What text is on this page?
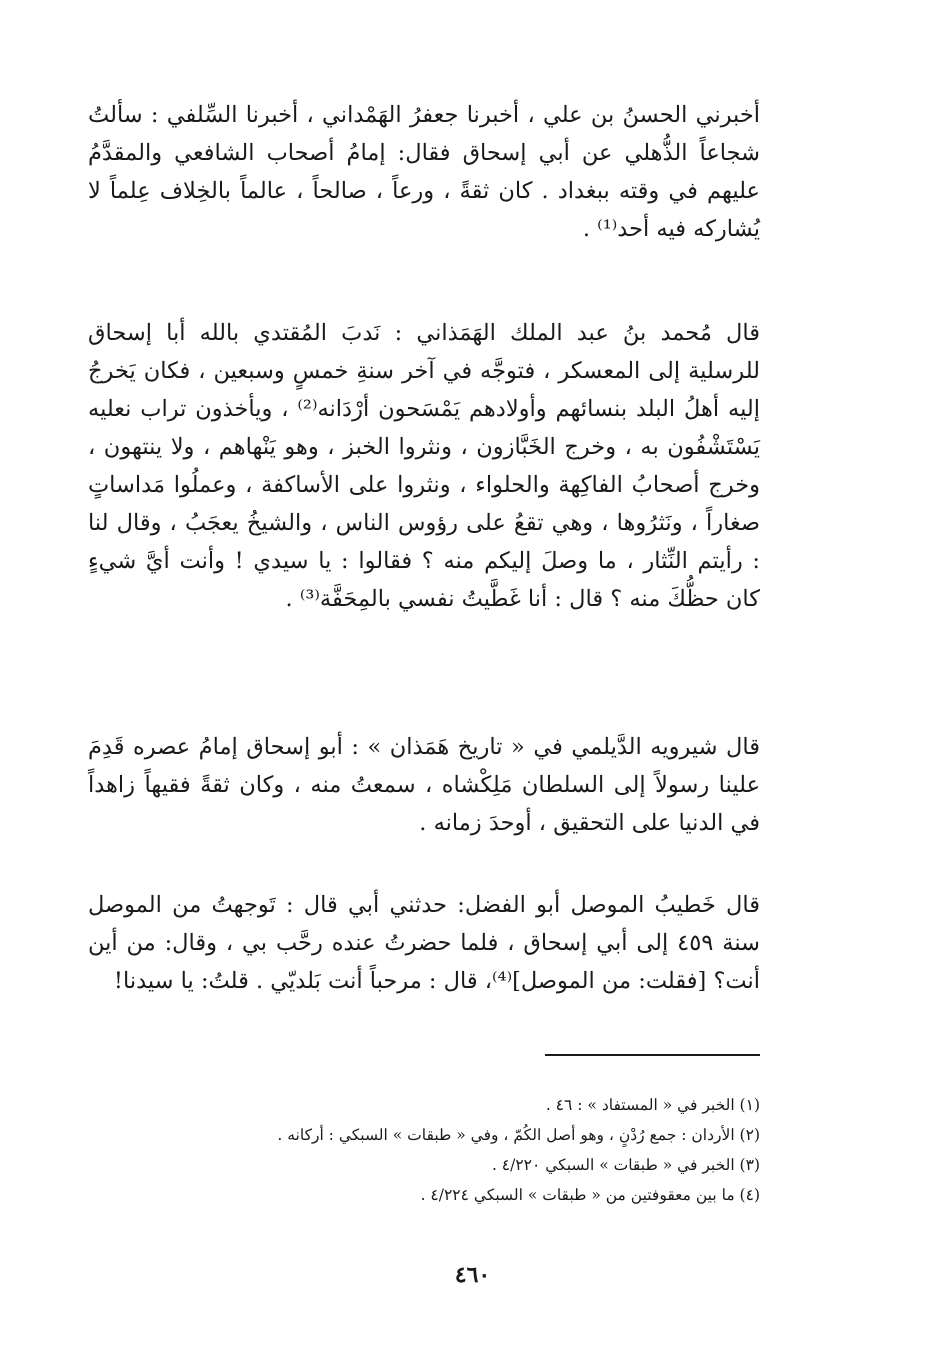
أخبرني الحسنُ بن علي ، أخبرنا جعفرُ الهَمْداني ، أخبرنا السِّلفي : سألتُ شجاعاً الذُّهلي عن أبي إسحاق فقال: إمامُ أصحاب الشافعي والمقدَّمُ عليهم في وقته ببغداد . كان ثقةً ، ورعاً ، صالحاً ، عالماً بالخِلاف عِلماً لا يُشاركه فيه أحد⁽¹⁾ .

قال مُحمد بنُ عبد الملك الهَمَذاني : نَدبَ المُقتدي بالله أبا إسحاق للرسلية إلى المعسكر ، فتوجَّه في آخر سنةِ خمسٍ وسبعين ، فكان يَخرجُ إليه أهلُ البلد بنسائهم وأولادهم يَمْسَحون أرْدَانه⁽²⁾ ، ويأخذون تراب نعليه يَسْتَشْفُون به ، وخرج الخَبَّازون ، ونثروا الخبز ، وهو يَنْهاهم ، ولا ينتهون ، وخرج أصحابُ الفاكِهة والحلواء ، ونثروا على الأساكفة ، وعملُوا مَداساتٍ صغاراً ، ونَثرُوها ، وهي تقعُ على رؤوس الناس ، والشيخُ يعجَبُ ، وقال لنا : رأيتم النِّثار ، ما وصلَ إليكم منه ؟ فقالوا : يا سيدي ! وأنت أيَّ شيءٍ كان حظُّكَ منه ؟ قال : أنا غَطَّيتُ نفسي بالمِحَفَّة⁽³⁾ .

قال شيرويه الدَّيلمي في « تاريخ هَمَذان » : أبو إسحاق إمامُ عصره قَدِمَ علينا رسولاً إلى السلطان مَلِكْشاه ، سمعتُ منه ، وكان ثقةً فقيهاً زاهداً في الدنيا على التحقيق ، أوحدَ زمانه .

قال خَطيبُ الموصل أبو الفضل: حدثني أبي قال : تَوجهتُ من الموصل سنة ٤٥٩ إلى أبي إسحاق ، فلما حضرتُ عنده رحَّب بي ، وقال: من أين أنت؟ [فقلت: من الموصل]⁽⁴⁾، قال : مرحباً أنت بَلديّي . قلتُ: يا سيدنا!

(١) الخبر في « المستفاد » : ٤٦ .

(٢) الأردان : جمع رُدْنٍ ، وهو أصل الكُمّ ، وفي « طبقات » السبكي : أركانه .

(٣) الخبر في « طبقات » السبكي ٤/٢٢٠ .

(٤) ما بين معقوفتين من « طبقات » السبكي ٤/٢٢٤ .

٤٦٠
